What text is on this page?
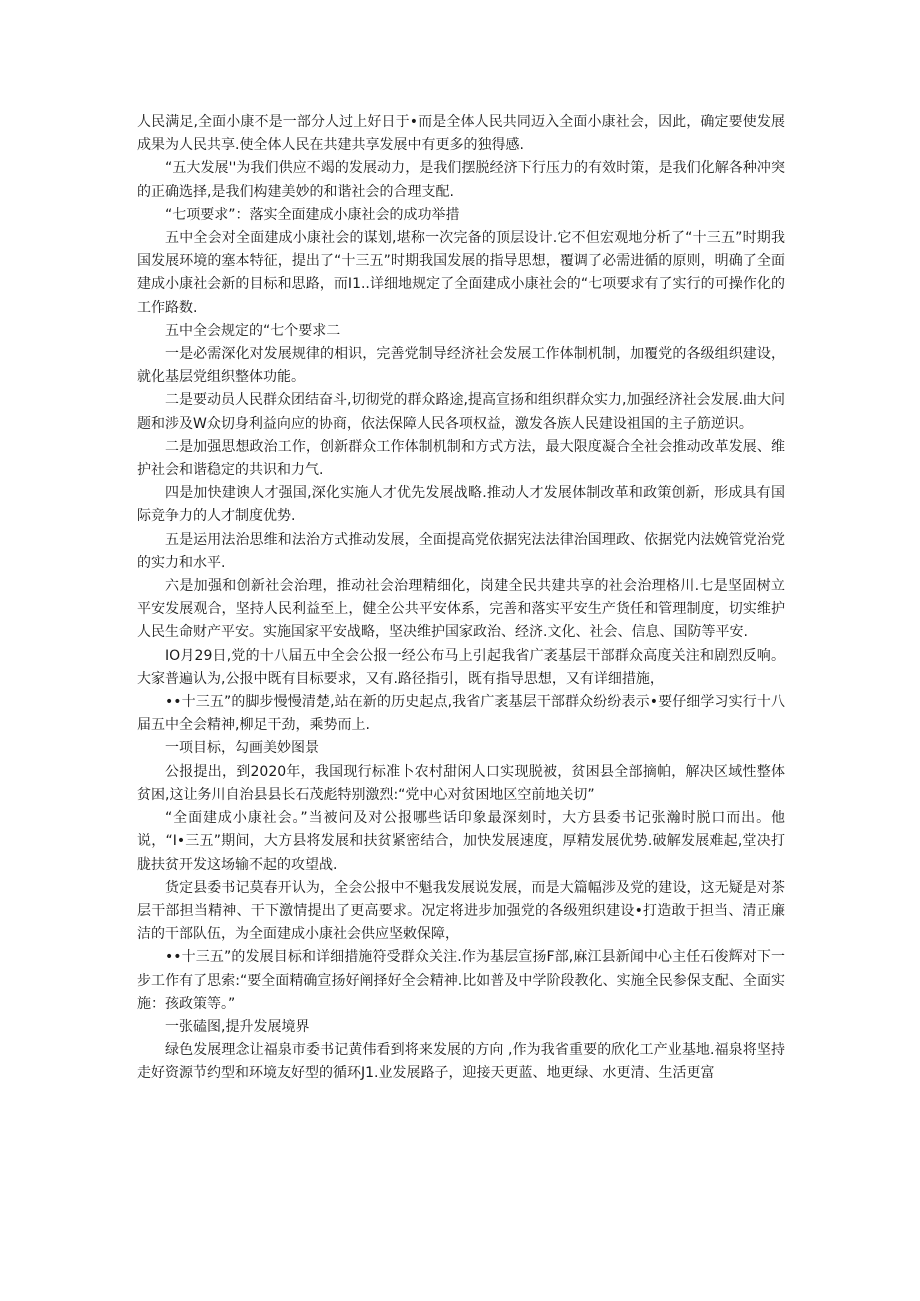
人民满足,全面小康不是一部分人过上好日于•而是全体人民共同迈入全面小康社会，因此，确定要使发展成果为人民共享.使全体人民在共建共享发展中有更多的独得感.

“五大发展''为我们供应不竭的发展动力，是我们摆脱经济下行压力的有效时策，是我们化解各种冲突的正确选择,是我们构建美妙的和谐社会的合理支配.

“七项要求”：落实全面建成小康社会的成功举措

五中全会对全面建成小康社会的谋划,堪称一次完备的顶层设计.它不但宏观地分析了“十三五”时期我国发展环境的塞本特征，提出了“十三五”时期我国发展的指导思想，覆调了必需进循的原则，明确了全面建成小康社会新的目标和思路，而I1..详细地规定了全面建成小康社会的“七项要求有了实行的可操作化的工作路数.

五中全会规定的“七个要求二

一是必需深化对发展规律的相识，完善党制导经济社会发展工作体制机制，加覆党的各级组织建设，就化基层党组织整体功能。

二是要动员人民群众团结奋斗,切彻党的群众路途,提高宣扬和组织群众实力,加强经济社会发展.曲大问题和涉及W众切身利益向应的协商，依法保障人民各项权益，激发各族人民建设祖国的主子筋逆识。

二是加强思想政治工作，创新群众工作体制机制和方式方法，最大限度凝合全社会推动改革发展、维护社会和谐稳定的共识和力气.

四是加快建谀人才强国,深化实施人才优先发展战略.推动人才发展体制改革和政策创新，形成具有国际竞争力的人才制度优势.

五是运用法治思维和法治方式推动发展，全面提高党依据宪法法律治国理政、依据党内法娩管党治党的实力和水平.

六是加强和创新社会治理，推动社会治理精细化，岗建全民共建共享的社会治理格川.七是坚固树立平安发展观合，坚持人民利益至上，健全公共平安体系，完善和落实平安生产货任和管理制度，切实维护人民生命财产平安。实施国家平安战略，坚决维护国家政治、经济.文化、社会、信息、国防等平安.

IO月29日,党的十八届五中全会公报一经公布马上引起我省广袤基层干部群众高度关注和剧烈反响。大家普遍认为,公报中既有目标要求，又有.路径指引，既有指导思想，又有详细措施，

••十三五”的脚步慢慢清楚,站在新的历史起点,我省广袤基层干部群众纷纷表示•要仔细学习实行十八届五中全会精神,柳足干劲，乘势而上.

一项目标，勾画美妙图景

公报提出，到2020年，我国现行标准卜农村甜闲人口实现脱被，贫困县全部摘帕，解决区域性整体贫困,这让务川自治县县长石茂彪特别激烈:“党中心对贫困地区空前地关切”

“全面建成小康社会。”当被问及对公报哪些话印象最深刻时，大方县委书记张瀚时脱口而出。他说，“I•三五”期间，大方县将发展和扶贫紧密结合，加快发展速度，厚精发展优势.破解发展难起,堂决打胧扶贫开发这场输不起的攻望战.

货定县委书记莫春开认为，全会公报中不魁我发展说发展，而是大篇幅涉及党的建设，这无疑是对茶层干部担当精神、干下激情提出了更高要求。况定将进步加强党的各级殂织建设•打造敢于担当、清正廉洁的干部队伍，为全面建成小康社会供应坚敕保障，

••十三五”的发展目标和详细措施符受群众关注.作为基层宣扬F部,麻江县新闻中心主任石俊辉对下一步工作有了思索:“要全面精确宣扬好阐择好全会精神.比如普及中学阶段教化、实施全民参保支配、全面实施：孩政策等。”

一张磕图,提升发展境界

绿色发展理念让福泉市委书记黄伟看到将来发展的方向 ,作为我省重要的欣化工产业基地.福泉将坚持走好资源节约型和环境友好型的循环J1.业发展路子，迎接天更蓝、地更绿、水更清、生活更富
